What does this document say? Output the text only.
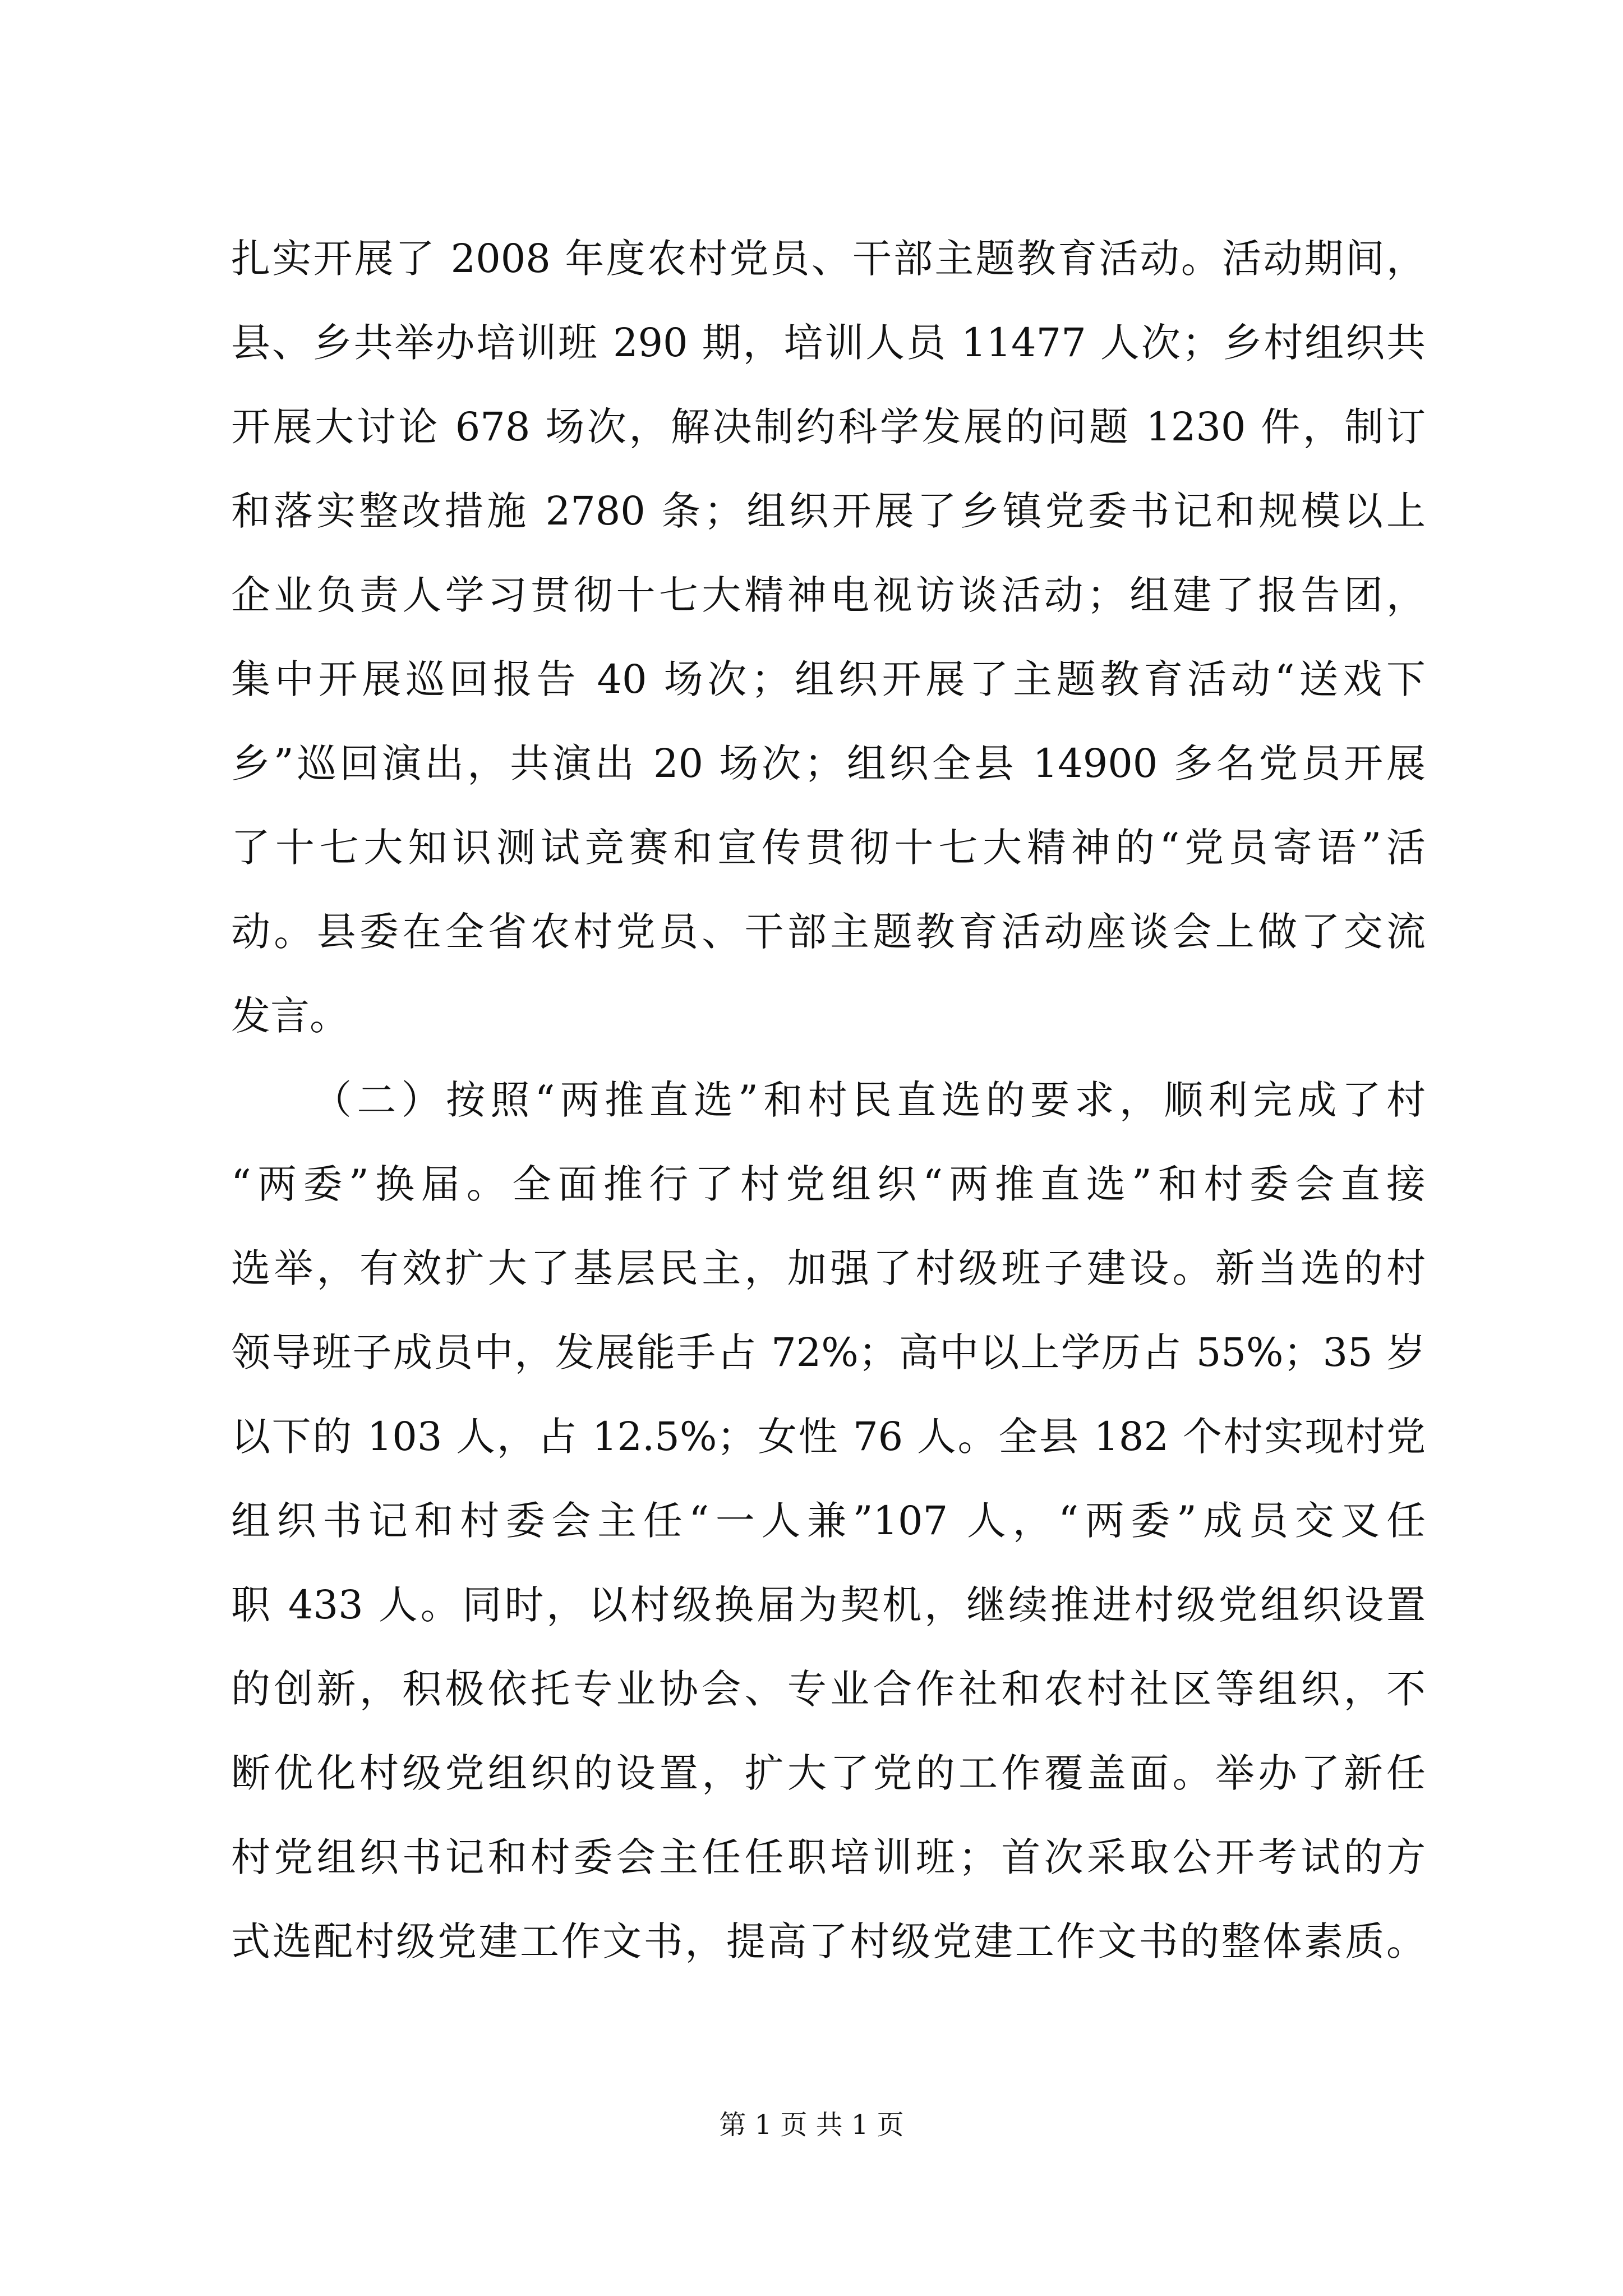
扎实开展了 2008 年度农村党员、干部主题教育活动。活动期间，
县、乡共举办培训班 290 期，培训人员 11477 人次；乡村组织共
开展大讨论 678 场次，解决制约科学发展的问题 1230 件，制订
和落实整改措施 2780 条；组织开展了乡镇党委书记和规模以上
企业负责人学习贯彻十七大精神电视访谈活动；组建了报告团，
集中开展巡回报告 40 场次；组织开展了主题教育活动“送戏下
乡”巡回演出，共演出 20 场次；组织全县 14900 多名党员开展
了十七大知识测试竞赛和宣传贯彻十七大精神的“党员寄语”活
动。县委在全省农村党员、干部主题教育活动座谈会上做了交流
发言。
（二）按照“两推直选”和村民直选的要求，顺利完成了村
“两委”换届。全面推行了村党组织“两推直选”和村委会直接
选举，有效扩大了基层民主，加强了村级班子建设。新当选的村
领导班子成员中，发展能手占 72%；高中以上学历占 55%；35 岁
以下的 103 人，占 12.5%；女性 76 人。全县 182 个村实现村党
组织书记和村委会主任“一人兼”107 人，“两委”成员交叉任
职 433 人。同时，以村级换届为契机，继续推进村级党组织设置
的创新，积极依托专业协会、专业合作社和农村社区等组织，不
断优化村级党组织的设置，扩大了党的工作覆盖面。举办了新任
村党组织书记和村委会主任任职培训班；首次采取公开考试的方
式选配村级党建工作文书，提高了村级党建工作文书的整体素质。
第 1 页 共 1 页
